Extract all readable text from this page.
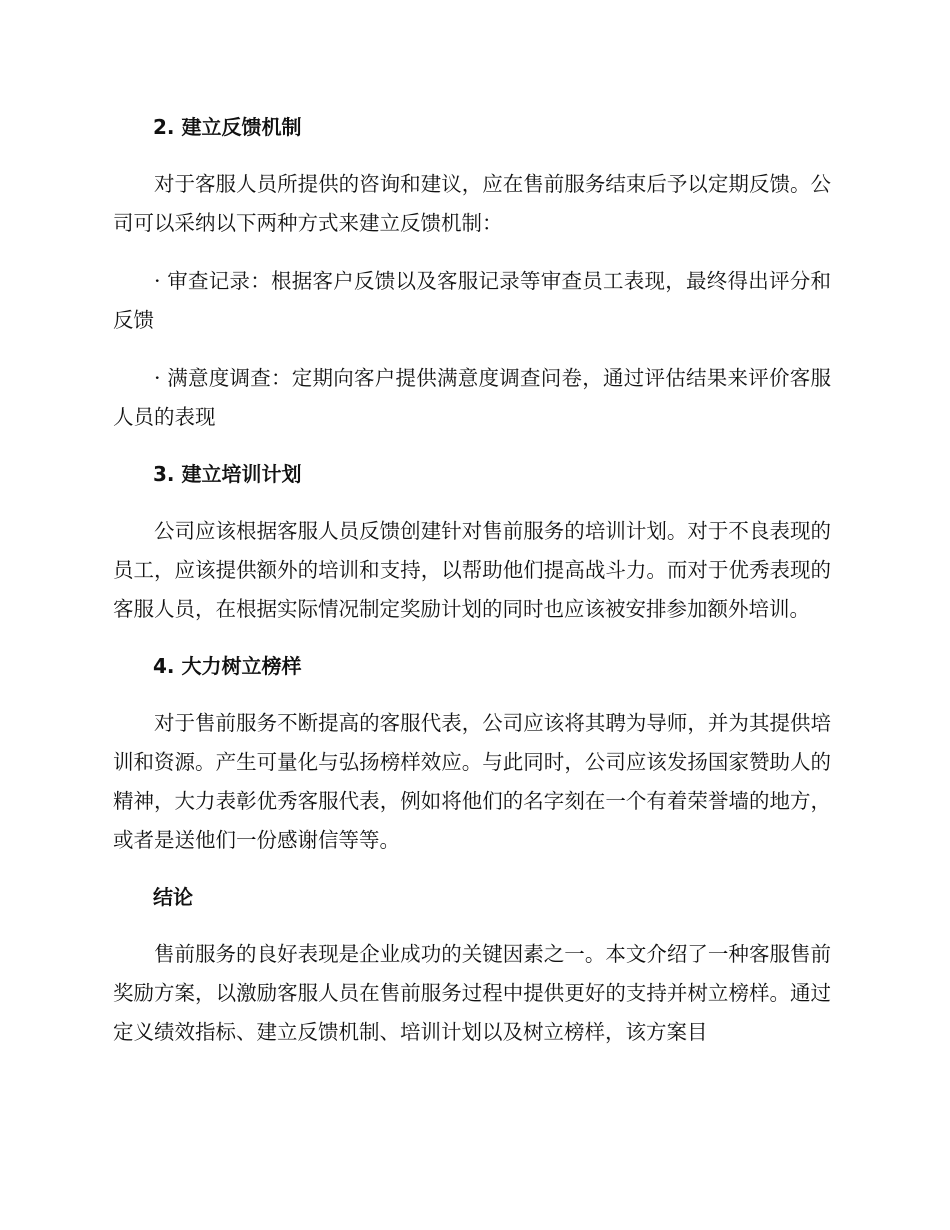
2. 建立反馈机制

对于客服人员所提供的咨询和建议，应在售前服务结束后予以定期反馈。公司可以采纳以下两种方式来建立反馈机制：

· 审查记录：根据客户反馈以及客服记录等审查员工表现，最终得出评分和反馈

· 满意度调查：定期向客户提供满意度调查问卷，通过评估结果来评价客服人员的表现

3. 建立培训计划

公司应该根据客服人员反馈创建针对售前服务的培训计划。对于不良表现的员工，应该提供额外的培训和支持，以帮助他们提高战斗力。而对于优秀表现的客服人员，在根据实际情况制定奖励计划的同时也应该被安排参加额外培训。

4. 大力树立榜样

对于售前服务不断提高的客服代表，公司应该将其聘为导师，并为其提供培训和资源。产生可量化与弘扬榜样效应。与此同时，公司应该发扬国家赞助人的精神，大力表彰优秀客服代表，例如将他们的名字刻在一个有着荣誉墙的地方，或者是送他们一份感谢信等等。

结论

售前服务的良好表现是企业成功的关键因素之一。本文介绍了一种客服售前奖励方案，以激励客服人员在售前服务过程中提供更好的支持并树立榜样。通过定义绩效指标、建立反馈机制、培训计划以及树立榜样，该方案目
